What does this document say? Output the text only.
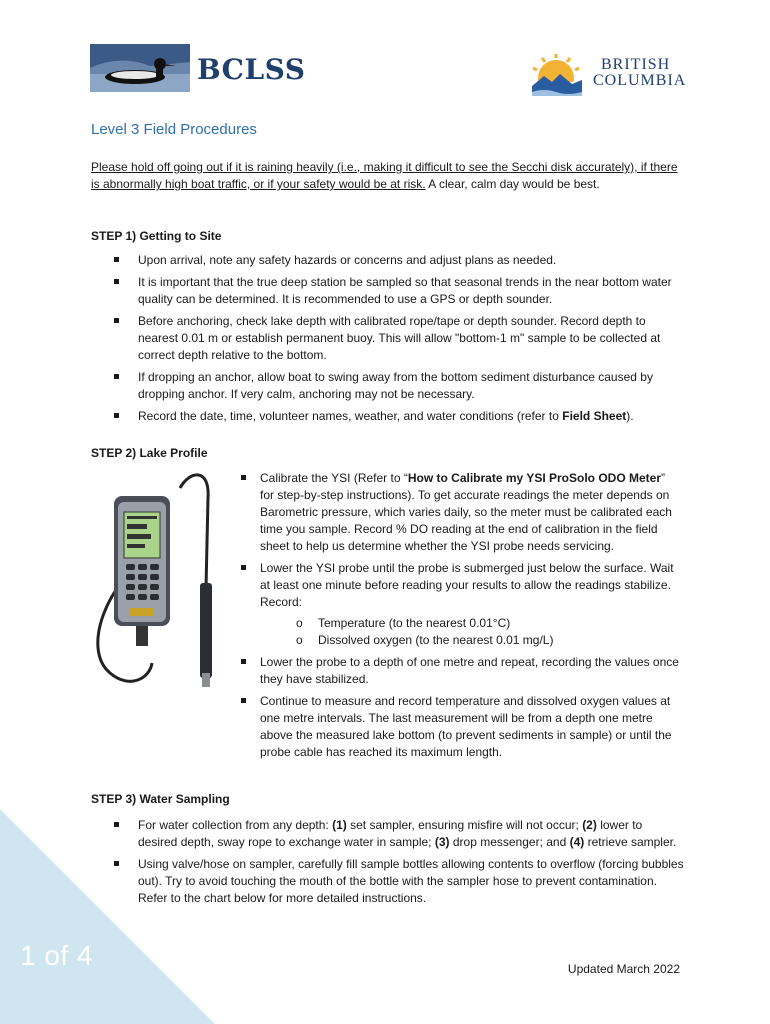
BCLSS	BRITISH
COLUMBIA
Level 3 Field Procedures
Please hold off going out if it is raining heavily (i.e., making it difficult to see the Secchi disk accurately), if there is abnormally high boat traffic, or if your safety would be at risk. A clear, calm day would be best.
STEP 1) Getting to Site
Upon arrival, note any safety hazards or concerns and adjust plans as needed.
It is important that the true deep station be sampled so that seasonal trends in the near bottom water quality can be determined. It is recommended to use a GPS or depth sounder.
Before anchoring, check lake depth with calibrated rope/tape or depth sounder. Record depth to nearest 0.01 m or establish permanent buoy. This will allow "bottom-1 m" sample to be collected at correct depth relative to the bottom.
If dropping an anchor, allow boat to swing away from the bottom sediment disturbance caused by dropping anchor. If very calm, anchoring may not be necessary.
Record the date, time, volunteer names, weather, and water conditions (refer to Field Sheet).
STEP 2) Lake Profile
Calibrate the YSI (Refer to “How to Calibrate my YSI ProSolo ODO Meter” for step-by-step instructions). To get accurate readings the meter depends on Barometric pressure, which varies daily, so the meter must be calibrated each time you sample. Record % DO reading at the end of calibration in the field sheet to help us determine whether the YSI probe needs servicing.
Lower the YSI probe until the probe is submerged just below the surface. Wait at least one minute before reading your results to allow the readings stabilize. Record:
o Temperature (to the nearest 0.01°C)
o Dissolved oxygen (to the nearest 0.01 mg/L)
Lower the probe to a depth of one metre and repeat, recording the values once they have stabilized.
Continue to measure and record temperature and dissolved oxygen values at one metre intervals. The last measurement will be from a depth one metre above the measured lake bottom (to prevent sediments in sample) or until the probe cable has reached its maximum length.
STEP 3) Water Sampling
For water collection from any depth: (1) set sampler, ensuring misfire will not occur; (2) lower to desired depth, sway rope to exchange water in sample; (3) drop messenger; and (4) retrieve sampler.
Using valve/hose on sampler, carefully fill sample bottles allowing contents to overflow (forcing bubbles out). Try to avoid touching the mouth of the bottle with the sampler hose to prevent contamination. Refer to the chart below for more detailed instructions.
1 of 4	Updated March 2022
